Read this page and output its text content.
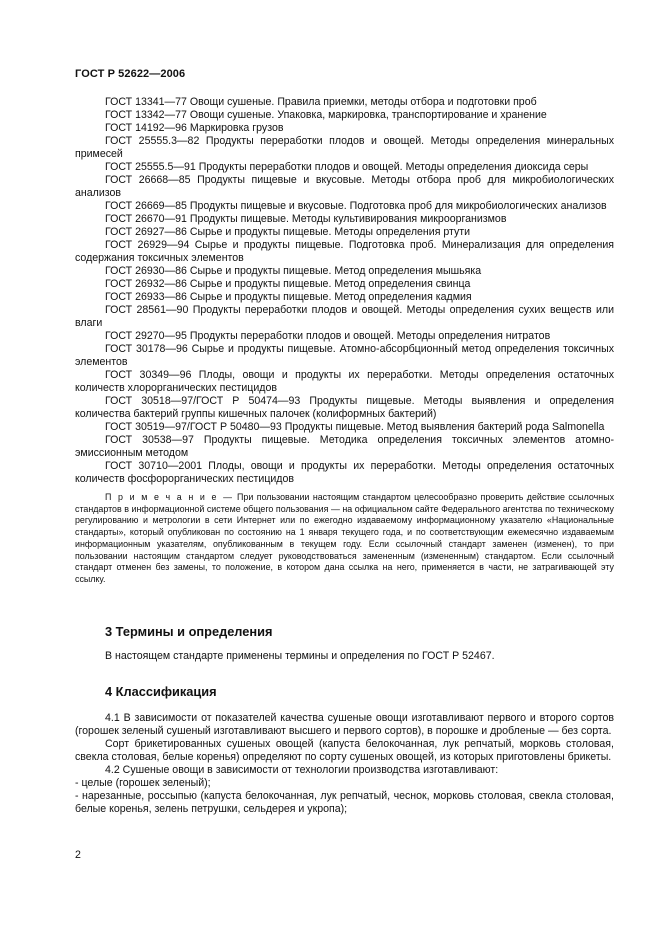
ГОСТ Р 52622—2006

ГОСТ 13341—77 Овощи сушеные. Правила приемки, методы отбора и подготовки проб

ГОСТ 13342—77 Овощи сушеные. Упаковка, маркировка, транспортирование и хранение

ГОСТ 14192—96 Маркировка грузов

ГОСТ 25555.3—82 Продукты переработки плодов и овощей. Методы определения минеральных примесей

ГОСТ 25555.5—91 Продукты переработки плодов и овощей. Методы определения диоксида серы

ГОСТ 26668—85 Продукты пищевые и вкусовые. Методы отбора проб для микробиологических анализов

ГОСТ 26669—85 Продукты пищевые и вкусовые. Подготовка проб для микробиологических анализов

ГОСТ 26670—91 Продукты пищевые. Методы культивирования микроорганизмов

ГОСТ 26927—86 Сырье и продукты пищевые. Методы определения ртути

ГОСТ 26929—94 Сырье и продукты пищевые. Подготовка проб. Минерализация для определения содержания токсичных элементов

ГОСТ 26930—86 Сырье и продукты пищевые. Метод определения мышьяка

ГОСТ 26932—86 Сырье и продукты пищевые. Метод определения свинца

ГОСТ 26933—86 Сырье и продукты пищевые. Метод определения кадмия

ГОСТ 28561—90 Продукты переработки плодов и овощей. Методы определения сухих веществ или влаги

ГОСТ 29270—95 Продукты переработки плодов и овощей. Методы определения нитратов

ГОСТ 30178—96 Сырье и продукты пищевые. Атомно-абсорбционный метод определения токсичных элементов

ГОСТ 30349—96 Плоды, овощи и продукты их переработки. Методы определения остаточных количеств хлорорганических пестицидов

ГОСТ 30518—97/ГОСТ Р 50474—93 Продукты пищевые. Методы выявления и определения количества бактерий группы кишечных палочек (колиформных бактерий)

ГОСТ 30519—97/ГОСТ Р 50480—93 Продукты пищевые. Метод выявления бактерий рода Salmonella

ГОСТ 30538—97 Продукты пищевые. Методика определения токсичных элементов атомно-эмиссионным методом

ГОСТ 30710—2001 Плоды, овощи и продукты их переработки. Методы определения остаточных количеств фосфорорганических пестицидов

П р и м е ч а н и е — При пользовании настоящим стандартом целесообразно проверить действие ссылочных стандартов в информационной системе общего пользования — на официальном сайте Федерального агентства по техническому регулированию и метрологии в сети Интернет или по ежегодно издаваемому информационному указателю «Национальные стандарты», который опубликован по состоянию на 1 января текущего года, и по соответствующим ежемесячно издаваемым информационным указателям, опубликованным в текущем году. Если ссылочный стандарт заменен (изменен), то при пользовании настоящим стандартом следует руководствоваться замененным (измененным) стандартом. Если ссылочный стандарт отменен без замены, то положение, в котором дана ссылка на него, применяется в части, не затрагивающей эту ссылку.

3 Термины и определения

В настоящем стандарте применены термины и определения по ГОСТ Р 52467.

4 Классификация

4.1 В зависимости от показателей качества сушеные овощи изготавливают первого и второго сортов (горошек зеленый сушеный изготавливают высшего и первого сортов), в порошке и дробленые — без сорта.

Сорт брикетированных сушеных овощей (капуста белокочанная, лук репчатый, морковь столовая, свекла столовая, белые коренья) определяют по сорту сушеных овощей, из которых приготовлены брикеты.

4.2 Сушеные овощи в зависимости от технологии производства изготавливают:

- целые (горошек зеленый);

- нарезанные, россыпью (капуста белокочанная, лук репчатый, чеснок, морковь столовая, свекла столовая, белые коренья, зелень петрушки, сельдерея и укропа);

2
